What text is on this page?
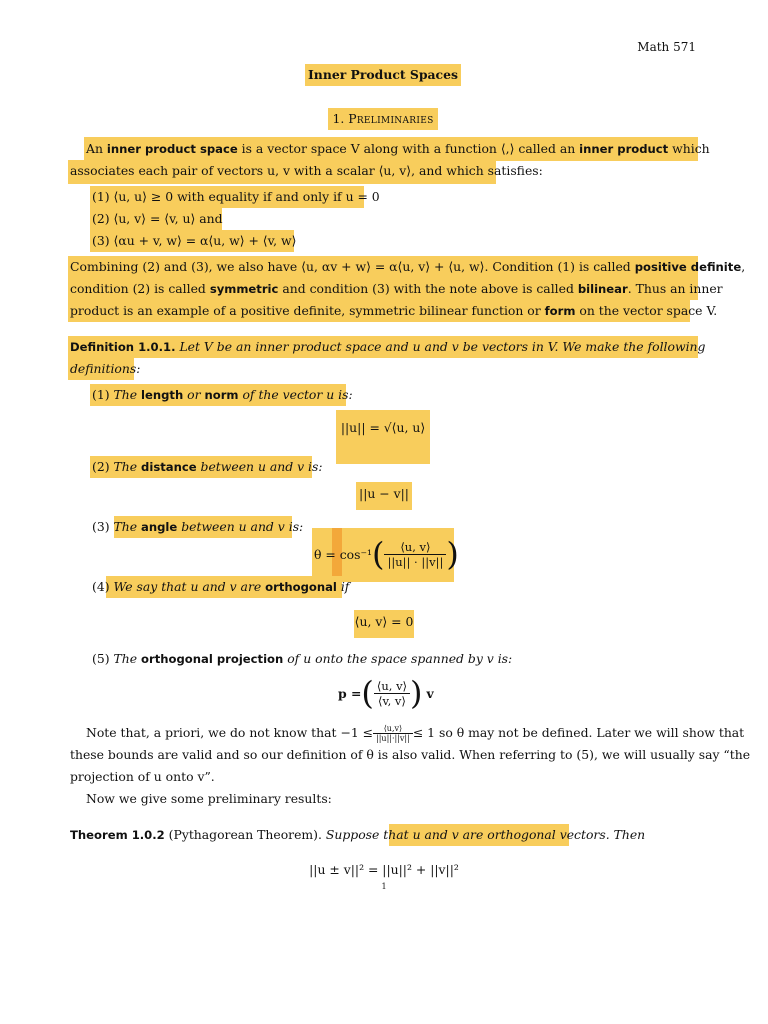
Math 571
Inner Product Spaces
1. Preliminaries
An inner product space is a vector space V along with a function ⟨,⟩ called an inner product which
associates each pair of vectors u, v with a scalar ⟨u, v⟩, and which satisfies:
(1) ⟨u, u⟩ ≥ 0 with equality if and only if u = 0
(2) ⟨u, v⟩ = ⟨v, u⟩ and
(3) ⟨αu + v, w⟩ = α⟨u, w⟩ + ⟨v, w⟩
Combining (2) and (3), we also have ⟨u, αv + w⟩ = α⟨u, v⟩ + ⟨u, w⟩. Condition (1) is called positive definite,
condition (2) is called symmetric and condition (3) with the note above is called bilinear. Thus an inner
product is an example of a positive definite, symmetric bilinear function or form on the vector space V.
Definition 1.0.1. Let V be an inner product space and u and v be vectors in V. We make the following
definitions:
(1) The length or norm of the vector u is:
||u|| = √⟨u, u⟩
(2) The distance between u and v is:
||u − v||
(3) The angle between u and v is:
θ = cos⁻¹ ( $\frac{⟨u, v⟩}{||u|| \cdot ||v||}$ )
(4) We say that u and v are orthogonal if
⟨u, v⟩ = 0
(5) The orthogonal projection of u onto the space spanned by v is:
p = ( $\frac{⟨u, v⟩}{⟨v, v⟩}$ ) v
Note that, a priori, we do not know that $-1 \le \frac{⟨u,v⟩}{||u||\cdot||v||} \le 1$ so θ may not be defined. Later we will show that
these bounds are valid and so our definition of θ is also valid. When referring to (5), we will usually say “the
projection of u onto v”.
Now we give some preliminary results:
Theorem 1.0.2 (Pythagorean Theorem). Suppose that u and v are orthogonal vectors. Then
||u ± v||² = ||u||² + ||v||²
1
